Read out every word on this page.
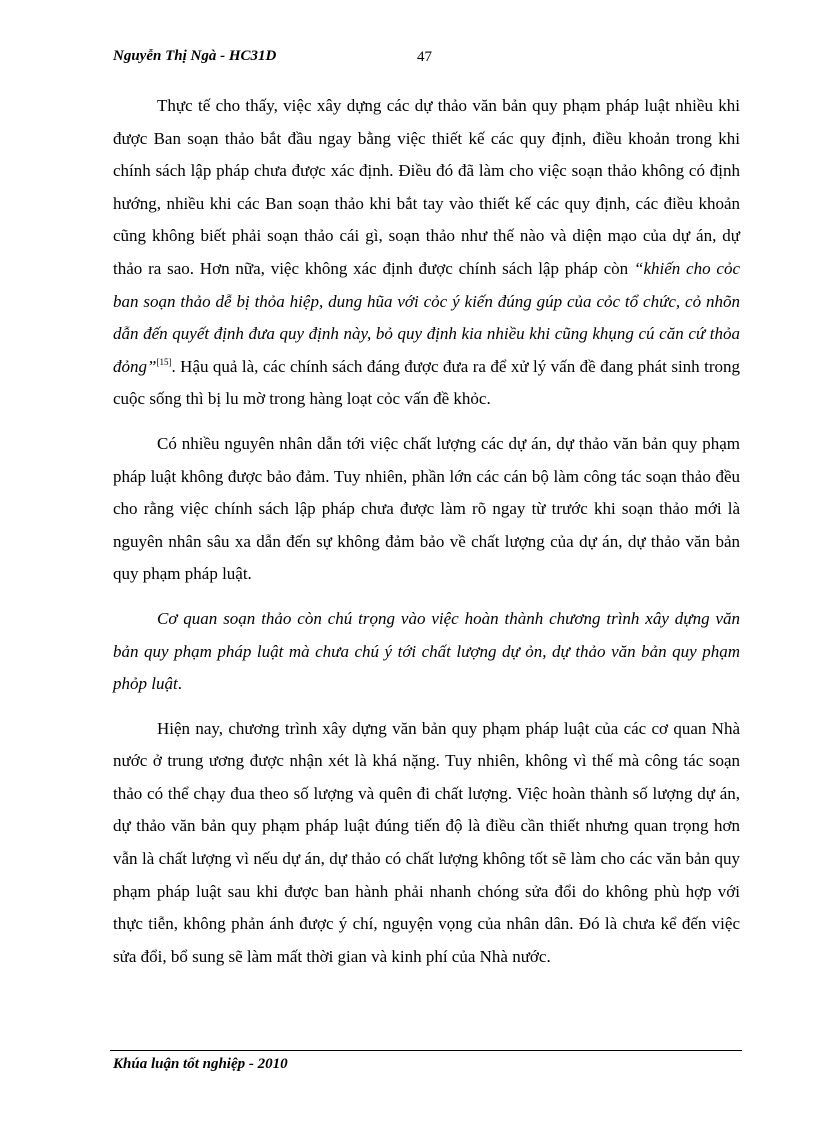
Nguyễn Thị Ngà - HC31D	47

Thực tế cho thấy, việc xây dựng các dự thảo văn bản quy phạm pháp luật nhiều khi được Ban soạn thảo bắt đầu ngay bằng việc thiết kế các quy định, điều khoản trong khi chính sách lập pháp chưa được xác định. Điều đó đã làm cho việc soạn thảo không có định hướng, nhiều khi các Ban soạn thảo khi bắt tay vào thiết kế các quy định, các điều khoản cũng không biết phải soạn thảo cái gì, soạn thảo như thế nào và diện mạo của dự án, dự thảo ra sao. Hơn nữa, việc không xác định được chính sách lập pháp còn “khiến cho cỏc ban soạn thảo dễ bị thỏa hiệp, dung hũa với cỏc ý kiến đúng gúp của cỏc tổ chức, cỏ nhõn dẫn đến quyết định đưa quy định này, bỏ quy định kia nhiều khi cũng khụng cú căn cứ thỏa đỏng”[15]. Hậu quả là, các chính sách đáng được đưa ra để xử lý vấn đề đang phát sinh trong cuộc sống thì bị lu mờ trong hàng loạt cỏc vấn đề khỏc.

Có nhiều nguyên nhân dẫn tới việc chất lượng các dự án, dự thảo văn bản quy phạm pháp luật không được bảo đảm. Tuy nhiên, phần lớn các cán bộ làm công tác soạn thảo đều cho rằng việc chính sách lập pháp chưa được làm rõ ngay từ trước khi soạn thảo mới là nguyên nhân sâu xa dẫn đến sự không đảm bảo về chất lượng của dự án, dự thảo văn bản quy phạm pháp luật.

Cơ quan soạn thảo còn chú trọng vào việc hoàn thành chương trình xây dựng văn bản quy phạm pháp luật mà chưa chú ý tới chất lượng dự ỏn, dự thảo văn bản quy phạm phỏp luật.

Hiện nay, chương trình xây dựng văn bản quy phạm pháp luật của các cơ quan Nhà nước ở trung ương được nhận xét là khá nặng. Tuy nhiên, không vì thế mà công tác soạn thảo có thể chạy đua theo số lượng và quên đi chất lượng. Việc hoàn thành số lượng dự án, dự thảo văn bản quy phạm pháp luật đúng tiến độ là điều cần thiết nhưng quan trọng hơn vẫn là chất lượng vì nếu dự án, dự thảo có chất lượng không tốt sẽ làm cho các văn bản quy phạm pháp luật sau khi được ban hành phải nhanh chóng sửa đổi do không phù hợp với thực tiễn, không phản ánh được ý chí, nguyện vọng của nhân dân. Đó là chưa kể đến việc sửa đổi, bổ sung sẽ làm mất thời gian và kinh phí của Nhà nước.

Khúa luận tốt nghiệp - 2010
